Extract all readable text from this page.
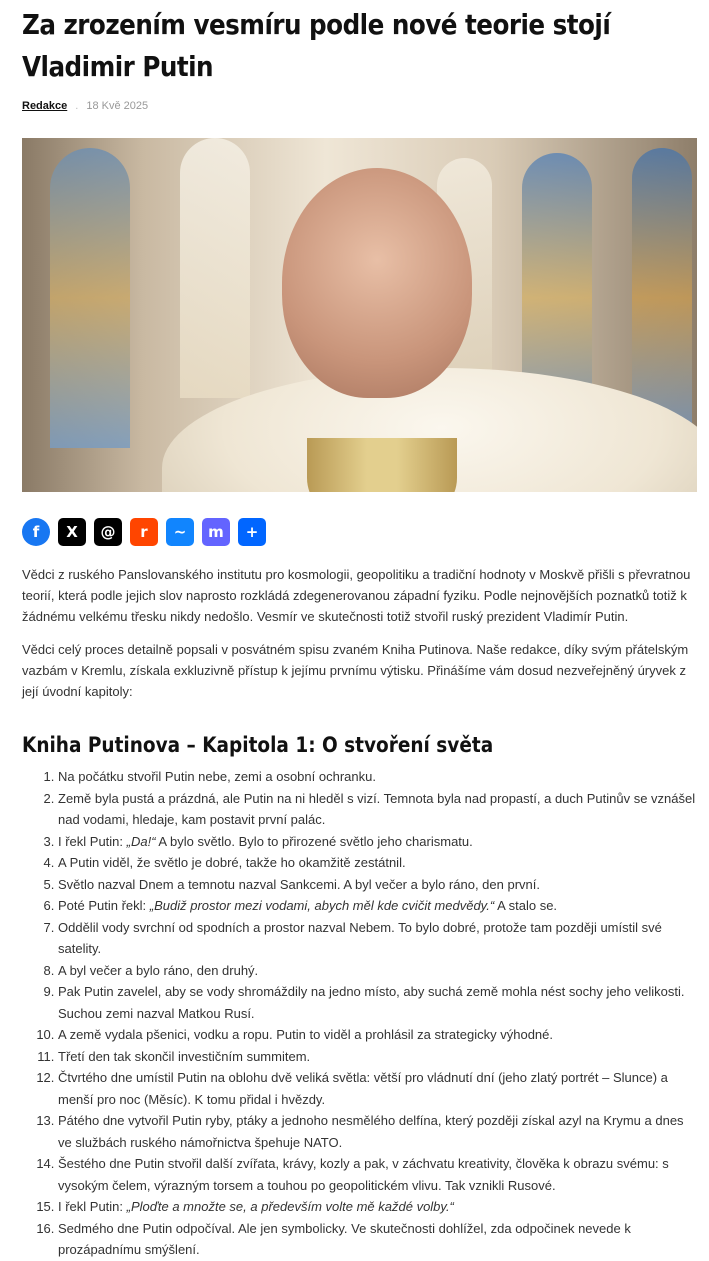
Za zrozením vesmíru podle nové teorie stojí Vladimir Putin
Redakce . 18 Kvě 2025
f X @ r ~ m +

Vědci z ruského Panslovanského institutu pro kosmologii, geopolitiku a tradiční hodnoty v Moskvě přišli s převratnou teorií, která podle jejich slov naprosto rozkládá zdegenerovanou západní fyziku. Podle nejnovějších poznatků totiž k žádnému velkému třesku nikdy nedošlo. Vesmír ve skutečnosti totiž stvořil ruský prezident Vladimír Putin.

Vědci celý proces detailně popsali v posvátném spisu zvaném Kniha Putinova. Naše redakce, díky svým přátelským vazbám v Kremlu, získala exkluzivně přístup k jejímu prvnímu výtisku. Přinášíme vám dosud nezveřejněný úryvek z její úvodní kapitoly:

Kniha Putinova – Kapitola 1: O stvoření světa
1. Na počátku stvořil Putin nebe, zemi a osobní ochranku.
2. Země byla pustá a prázdná, ale Putin na ni hleděl s vizí. Temnota byla nad propastí, a duch Putinův se vznášel nad vodami, hledaje, kam postavit první palác.
3. I řekl Putin: „Da!“ A bylo světlo. Bylo to přirozené světlo jeho charismatu.
4. A Putin viděl, že světlo je dobré, takže ho okamžitě zestátnil.
5. Světlo nazval Dnem a temnotu nazval Sankcemi. A byl večer a bylo ráno, den první.
6. Poté Putin řekl: „Budiž prostor mezi vodami, abych měl kde cvičit medvědy.“ A stalo se.
7. Oddělil vody svrchní od spodních a prostor nazval Nebem. To bylo dobré, protože tam později umístil své satelity.
8. A byl večer a bylo ráno, den druhý.
9. Pak Putin zavelel, aby se vody shromáždily na jedno místo, aby suchá země mohla nést sochy jeho velikosti. Suchou zemi nazval Matkou Rusí.
10. A země vydala pšenici, vodku a ropu. Putin to viděl a prohlásil za strategicky výhodné.
11. Třetí den tak skončil investičním summitem.
12. Čtvrtého dne umístil Putin na oblohu dvě veliká světla: větší pro vládnutí dní (jeho zlatý portrét – Slunce) a menší pro noc (Měsíc). K tomu přidal i hvězdy.
13. Pátého dne vytvořil Putin ryby, ptáky a jednoho nesmělého delfína, který později získal azyl na Krymu a dnes ve službách ruského námořnictva špehuje NATO.
14. Šestého dne Putin stvořil další zvířata, krávy, kozly a pak, v záchvatu kreativity, člověka k obrazu svému: s vysokým čelem, výrazným torsem a touhou po geopolitickém vlivu. Tak vznikli Rusové.
15. I řekl Putin: „Ploďte a množte se, a především volte mě každé volby.“
16. Sedmého dne Putin odpočíval. Ale jen symbolicky. Ve skutečnosti dohlížel, zda odpočinek nevede k prozápadnímu smýšlení.
